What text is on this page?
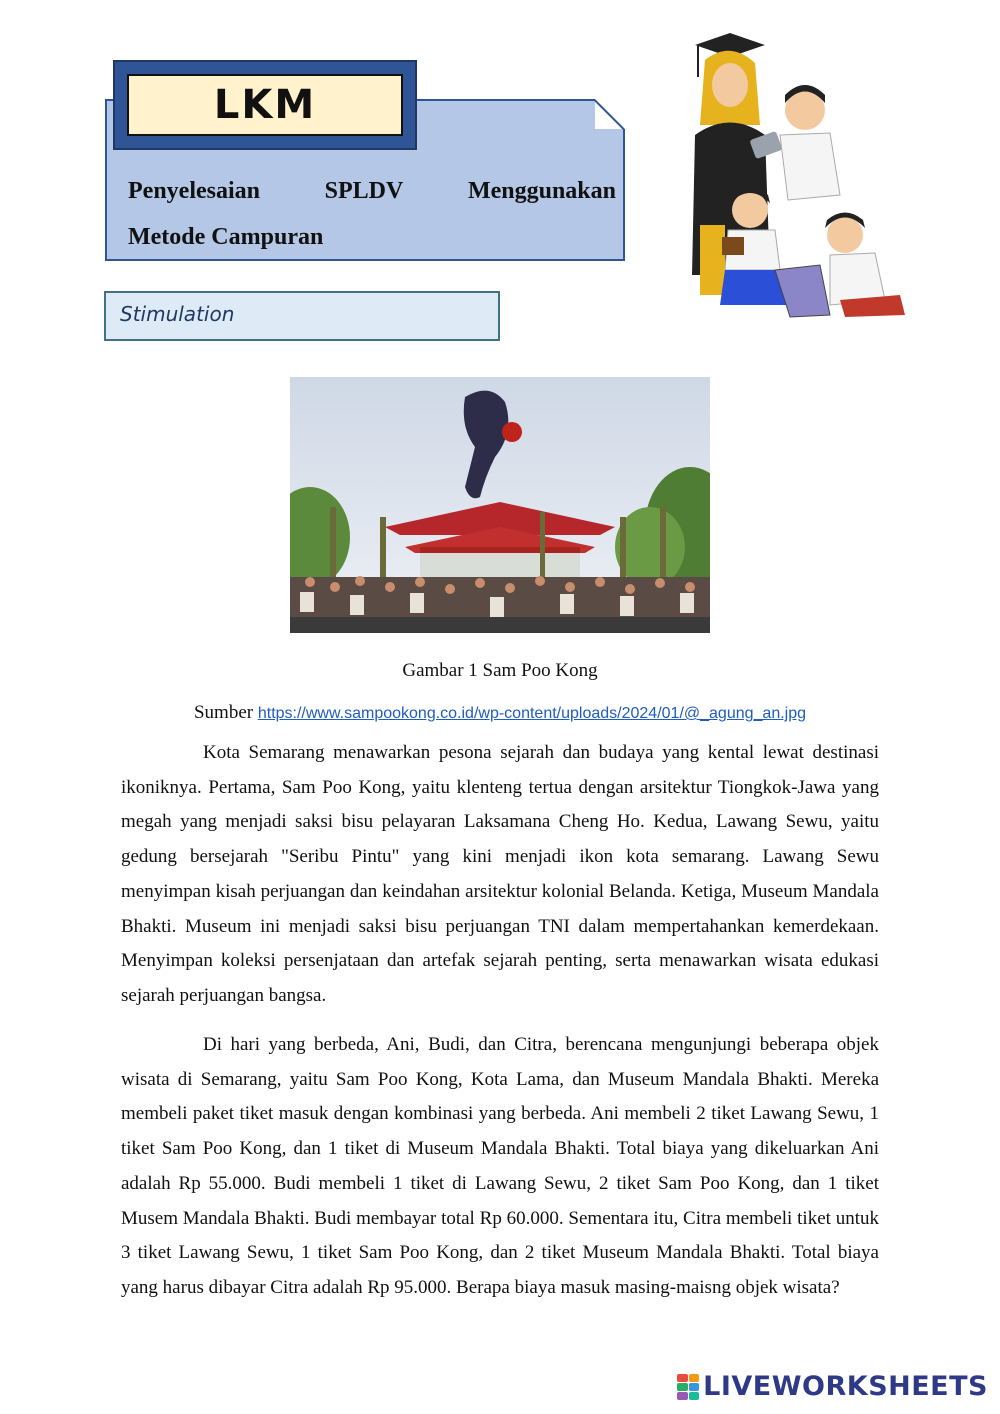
LKM
Penyelesaian	SPLDV	Menggunakan
Metode Campuran
Stimulation
Gambar 1 Sam Poo Kong
Sumber https://www.sampookong.co.id/wp-content/uploads/2024/01/@_agung_an.jpg

Kota Semarang menawarkan pesona sejarah dan budaya yang kental lewat destinasi ikoniknya. Pertama, Sam Poo Kong, yaitu klenteng tertua dengan arsitektur Tiongkok-Jawa yang megah yang menjadi saksi bisu pelayaran Laksamana Cheng Ho. Kedua, Lawang Sewu, yaitu gedung bersejarah "Seribu Pintu" yang kini menjadi ikon kota semarang. Lawang Sewu menyimpan kisah perjuangan dan keindahan arsitektur kolonial Belanda. Ketiga, Museum Mandala Bhakti. Museum ini menjadi saksi bisu perjuangan TNI dalam mempertahankan kemerdekaan. Menyimpan koleksi persenjataan dan artefak sejarah penting, serta menawarkan wisata edukasi sejarah perjuangan bangsa.

Di hari yang berbeda, Ani, Budi, dan Citra, berencana mengunjungi beberapa objek wisata di Semarang, yaitu Sam Poo Kong, Kota Lama, dan Museum Mandala Bhakti. Mereka membeli paket tiket masuk dengan kombinasi yang berbeda. Ani membeli 2 tiket Lawang Sewu, 1 tiket Sam Poo Kong, dan 1 tiket di Museum Mandala Bhakti. Total biaya yang dikeluarkan Ani adalah Rp 55.000. Budi membeli 1 tiket di Lawang Sewu, 2 tiket Sam Poo Kong, dan 1 tiket Musem Mandala Bhakti. Budi membayar total Rp 60.000. Sementara itu, Citra membeli tiket untuk 3 tiket Lawang Sewu, 1 tiket Sam Poo Kong, dan 2 tiket Museum Mandala Bhakti. Total biaya yang harus dibayar Citra adalah Rp 95.000. Berapa biaya masuk masing-maisng objek wisata?

LIVEWORKSHEETS
